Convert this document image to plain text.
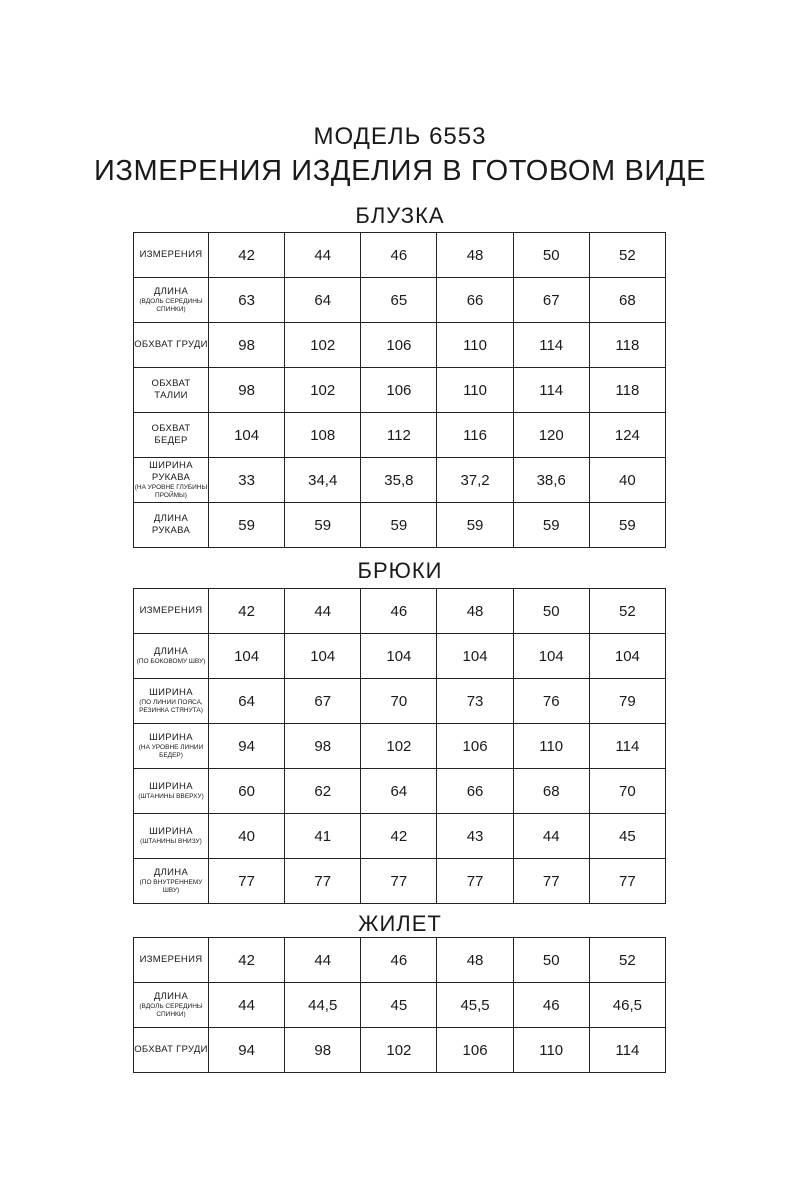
МОДЕЛЬ 6553
ИЗМЕРЕНИЯ ИЗДЕЛИЯ В ГОТОВОМ ВИДЕ
БЛУЗКА
ИЗМЕРЕНИЯ	42	44	46	48	50	52

ДЛИНА
(ВДОЛЬ СЕРЕДИНЫ СПИНКИ)	63	64	65	66	67	68

ОБХВАТ ГРУДИ	98	102	106	110	114	118

ОБХВАТ ТАЛИИ	98	102	106	110	114	118

ОБХВАТ БЕДЕР	104	108	112	116	120	124

ШИРИНА РУКАВА
(НА УРОВНЕ ГЛУБИНЫ ПРОЙМЫ)	33	34,4	35,8	37,2	38,6	40

ДЛИНА РУКАВА	59	59	59	59	59	59
БРЮКИ
ИЗМЕРЕНИЯ	42	44	46	48	50	52

ДЛИНА
(ПО БОКОВОМУ ШВУ)	104	104	104	104	104	104

ШИРИНА
(ПО ЛИНИИ ПОЯСА, РЕЗИНКА СТЯНУТА)	64	67	70	73	76	79

ШИРИНА
(НА УРОВНЕ ЛИНИИ БЕДЕР)	94	98	102	106	110	114

ШИРИНА
(ШТАНИНЫ ВВЕРХУ)	60	62	64	66	68	70

ШИРИНА
(ШТАНИНЫ ВНИЗУ)	40	41	42	43	44	45

ДЛИНА
(ПО ВНУТРЕННЕМУ ШВУ)	77	77	77	77	77	77
ЖИЛЕТ
ИЗМЕРЕНИЯ	42	44	46	48	50	52

ДЛИНА
(ВДОЛЬ СЕРЕДИНЫ СПИНКИ)	44	44,5	45	45,5	46	46,5

ОБХВАТ ГРУДИ	94	98	102	106	110	114
